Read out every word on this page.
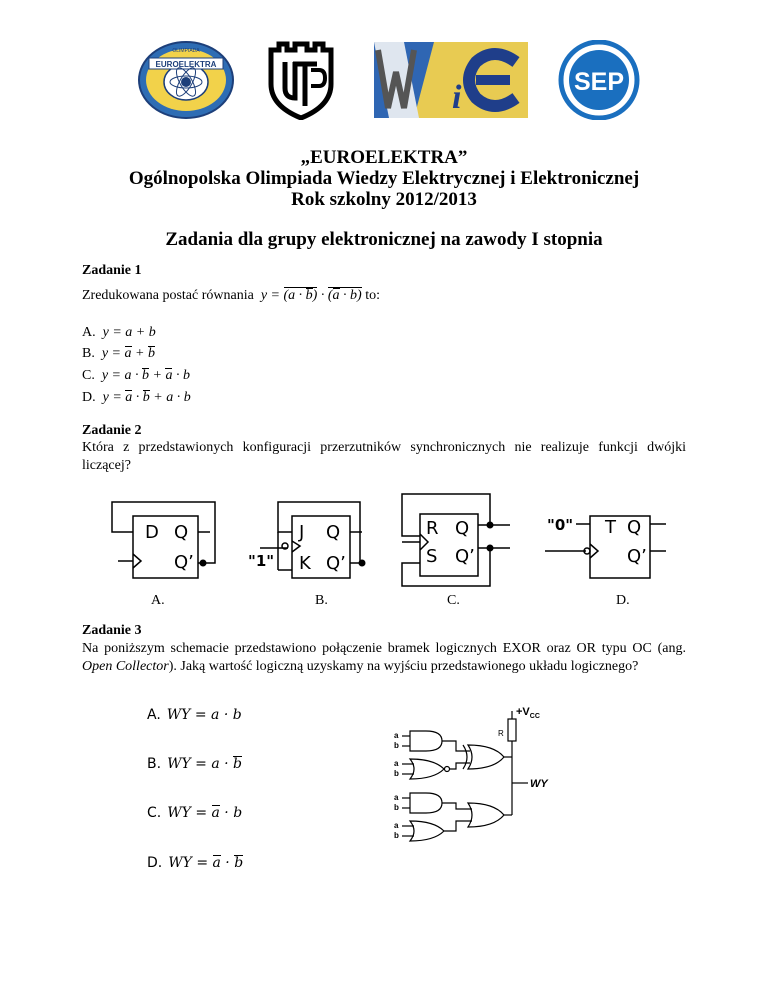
EUROELEKTRA
OLIMPIADA
i	SEP
„EUROELEKTRA”
Ogólnopolska Olimpiada Wiedzy Elektrycznej i Elektronicznej
Rok szkolny 2012/2013
Zadania dla grupy elektronicznej na zawody I stopnia
Zadanie 1
Zredukowana postać równania  y = (a · b) · (a · b) to:
A.  y = a + b
B.  y = a + b
C.  y = a · b + a · b
D.  y = a · b + a · b
Zadanie 2
Która z przedstawionych konfiguracji przerzutników synchronicznych nie realizuje funkcji dwójki liczącej?
D Q
Q’
J Q
K Q’
R Q
S Q’
T Q
Q’
"1"
"0"
A.	B.	C.	D.
Zadanie 3
Na poniższym schemacie przedstawiono połączenie bramek logicznych EXOR oraz OR typu OC (ang. Open Collector). Jaką wartość logiczną uzyskamy na wyjściu przedstawionego układu logicznego?
A. WY = a · b
B. WY = a · b
C. WY = a · b
D. WY = a · b
$+V_{CC}$
R
WY
a
b
a
b
a
b
a
b
